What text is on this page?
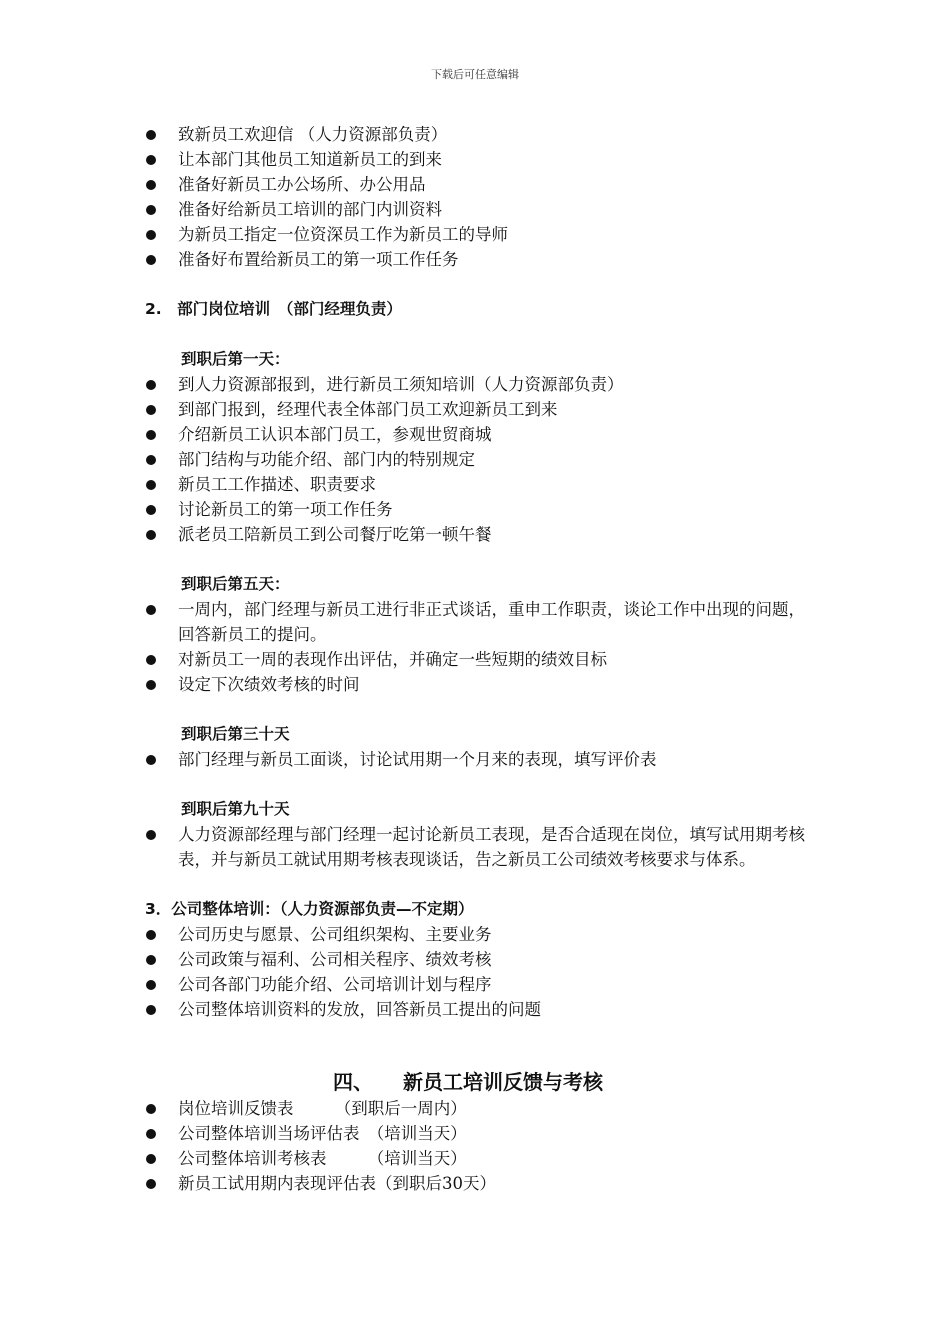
下载后可任意编辑
致新员工欢迎信 （人力资源部负责）
让本部门其他员工知道新员工的到来
准备好新员工办公场所、办公用品
准备好给新员工培训的部门内训资料
为新员工指定一位资深员工作为新员工的导师
准备好布置给新员工的第一项工作任务
2.　部门岗位培训　（部门经理负责）
到职后第一天：
到人力资源部报到，进行新员工须知培训（人力资源部负责）
到部门报到，经理代表全体部门员工欢迎新员工到来
介绍新员工认识本部门员工，参观世贸商城
部门结构与功能介绍、部门内的特别规定
新员工工作描述、职责要求
讨论新员工的第一项工作任务
派老员工陪新员工到公司餐厅吃第一顿午餐
到职后第五天：
一周内，部门经理与新员工进行非正式谈话，重申工作职责，谈论工作中出现的问题，回答新员工的提问。
对新员工一周的表现作出评估，并确定一些短期的绩效目标
设定下次绩效考核的时间
到职后第三十天
部门经理与新员工面谈，讨论试用期一个月来的表现，填写评价表
到职后第九十天
人力资源部经理与部门经理一起讨论新员工表现，是否合适现在岗位，填写试用期考核表，并与新员工就试用期考核表现谈话，告之新员工公司绩效考核要求与体系。
3．公司整体培训：（人力资源部负责—不定期）
公司历史与愿景、公司组织架构、主要业务
公司政策与福利、公司相关程序、绩效考核
公司各部门功能介绍、公司培训计划与程序
公司整体培训资料的发放，回答新员工提出的问题
四、 新员工培训反馈与考核
岗位培训反馈表　　　（到职后一周内）
公司整体培训当场评估表　（培训当天）
公司整体培训考核表　　　（培训当天）
新员工试用期内表现评估表（到职后30天）
